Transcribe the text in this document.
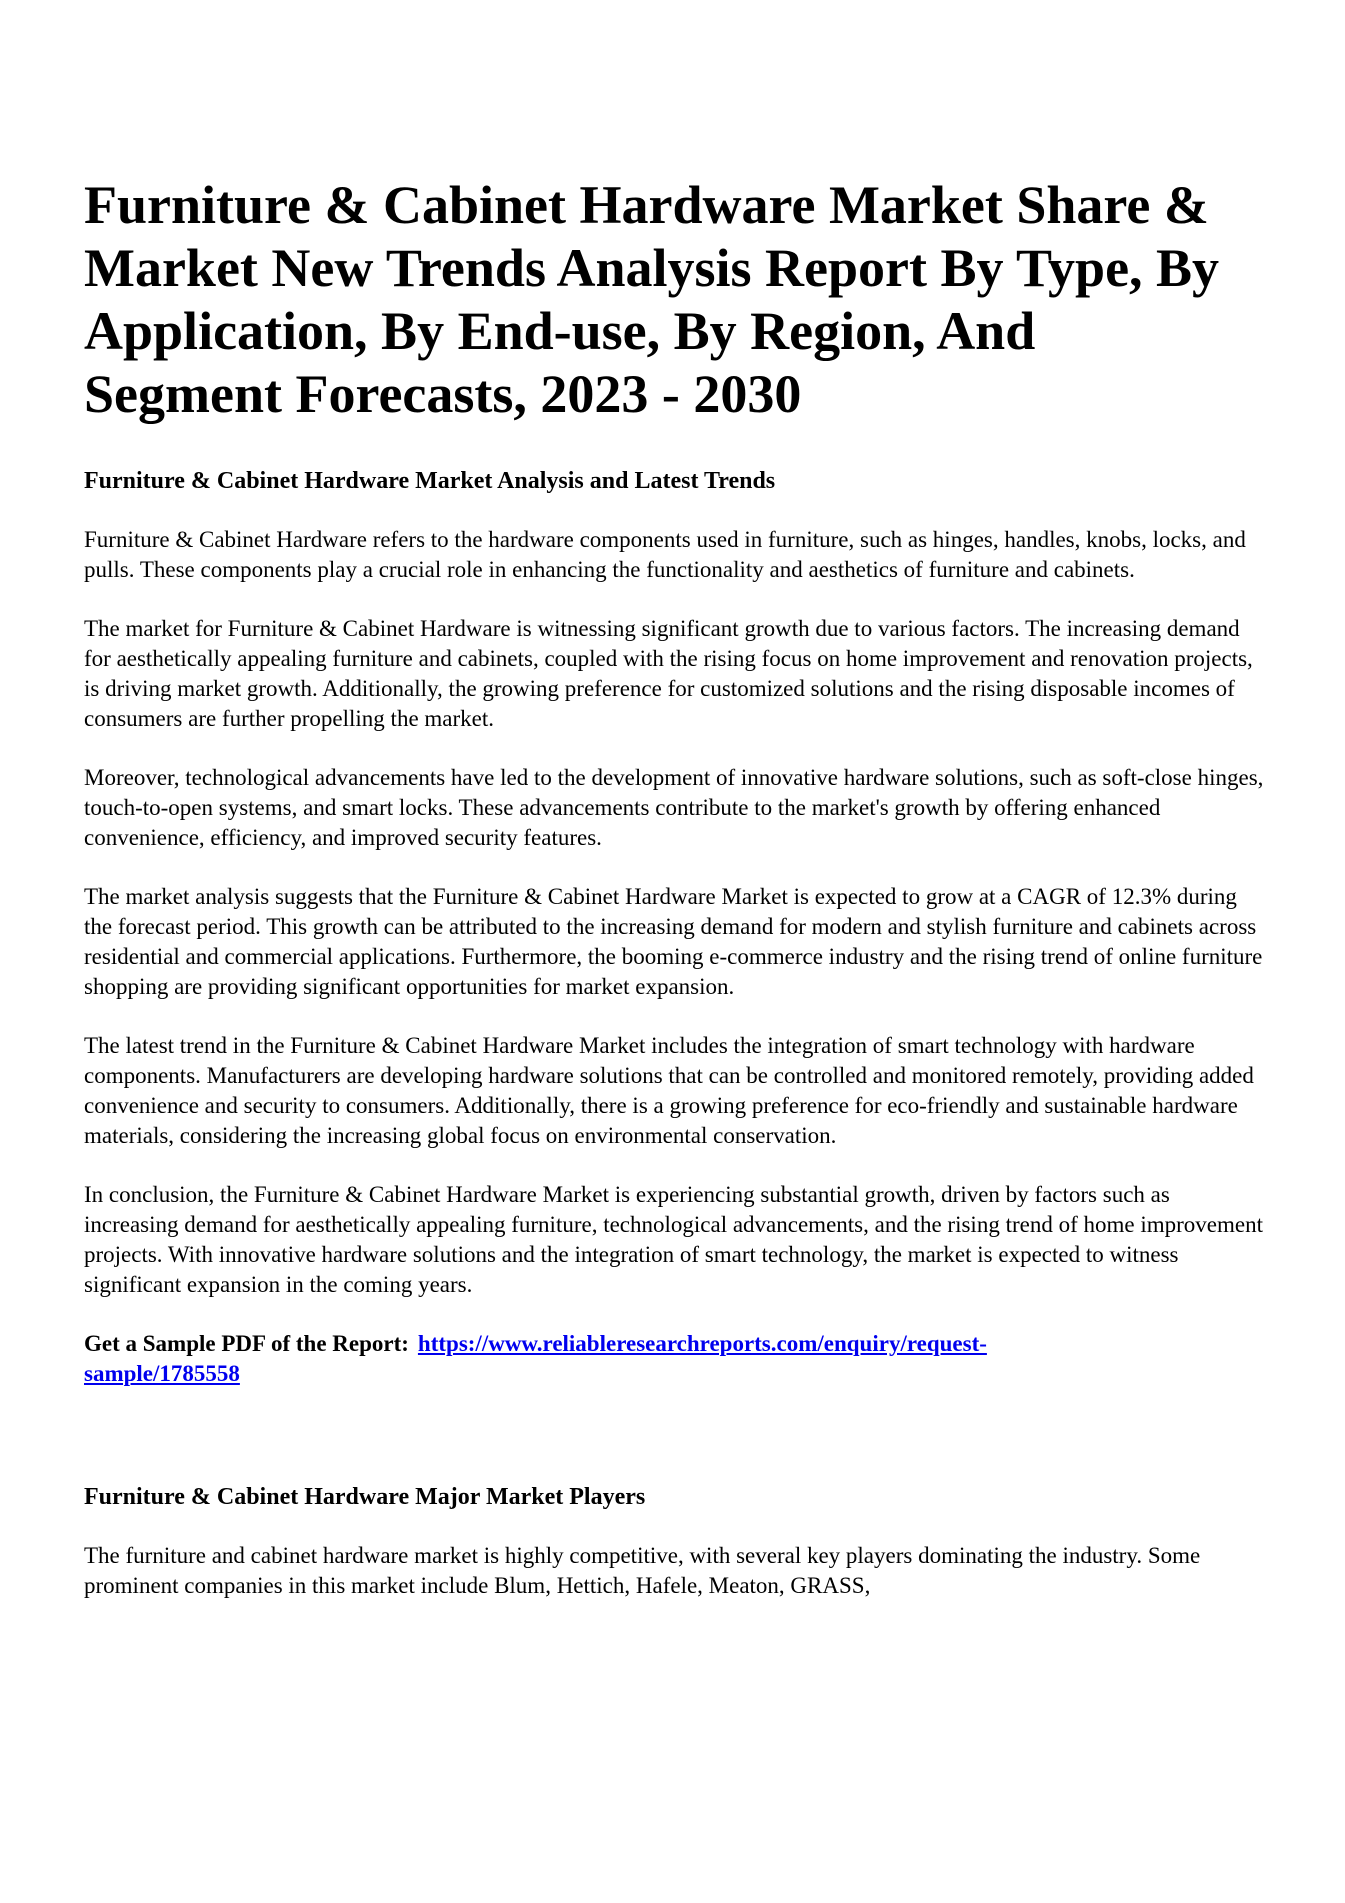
Furniture & Cabinet Hardware Market Share &
Market New Trends Analysis Report By Type, By
Application, By End-use, By Region, And
Segment Forecasts, 2023 - 2030
Furniture & Cabinet Hardware Market Analysis and Latest Trends

Furniture & Cabinet Hardware refers to the hardware components used in furniture, such as hinges, handles, knobs, locks, and pulls. These components play a crucial role in enhancing the functionality and aesthetics of furniture and cabinets.

The market for Furniture & Cabinet Hardware is witnessing significant growth due to various factors. The increasing demand for aesthetically appealing furniture and cabinets, coupled with the rising focus on home improvement and renovation projects, is driving market growth. Additionally, the growing preference for customized solutions and the rising disposable incomes of consumers are further propelling the market.

Moreover, technological advancements have led to the development of innovative hardware solutions, such as soft-close hinges, touch-to-open systems, and smart locks. These advancements contribute to the market's growth by offering enhanced convenience, efficiency, and improved security features.

The market analysis suggests that the Furniture & Cabinet Hardware Market is expected to grow at a CAGR of 12.3% during the forecast period. This growth can be attributed to the increasing demand for modern and stylish furniture and cabinets across residential and commercial applications. Furthermore, the booming e-commerce industry and the rising trend of online furniture shopping are providing significant opportunities for market expansion.

The latest trend in the Furniture & Cabinet Hardware Market includes the integration of smart technology with hardware components. Manufacturers are developing hardware solutions that can be controlled and monitored remotely, providing added convenience and security to consumers. Additionally, there is a growing preference for eco-friendly and sustainable hardware materials, considering the increasing global focus on environmental conservation.

In conclusion, the Furniture & Cabinet Hardware Market is experiencing substantial growth, driven by factors such as increasing demand for aesthetically appealing furniture, technological advancements, and the rising trend of home improvement projects. With innovative hardware solutions and the integration of smart technology, the market is expected to witness significant expansion in the coming years.

Get a Sample PDF of the Report: https://www.reliableresearchreports.com/enquiry/request-
sample/1785558

Furniture & Cabinet Hardware Major Market Players

The furniture and cabinet hardware market is highly competitive, with several key players dominating the industry. Some prominent companies in this market include Blum, Hettich, Hafele, Meaton, GRASS,
